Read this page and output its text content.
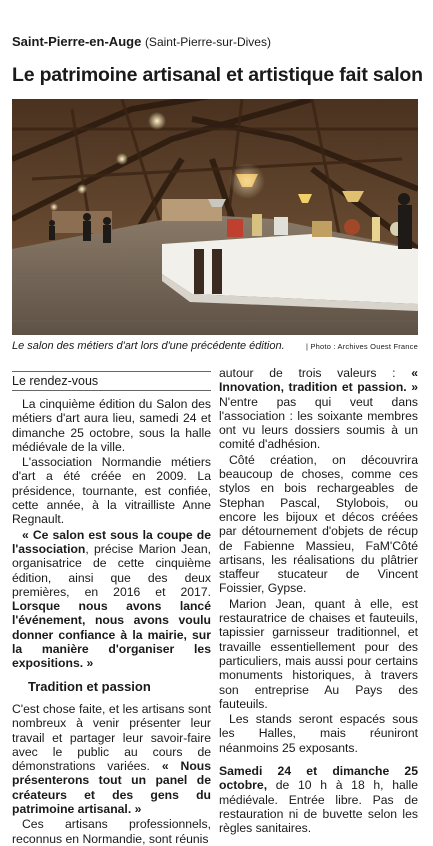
Saint-Pierre-en-Auge (Saint-Pierre-sur-Dives)
Le patrimoine artisanal et artistique fait salon
Le salon des métiers d'art lors d'une précédente édition.	| Photo : Archives Ouest France
Le rendez-vous

La cinquième édition du Salon des métiers d'art aura lieu, samedi 24 et dimanche 25 octobre, sous la halle médiévale de la ville.

L'association Normandie métiers d'art a été créée en 2009. La présidence, tournante, est confiée, cette année, à la vitrailliste Anne Regnault.

« Ce salon est sous la coupe de l'association, précise Marion Jean, organisatrice de cette cinquième édition, ainsi que des deux premières, en 2016 et 2017. Lorsque nous avons lancé l'événement, nous avons voulu donner confiance à la mairie, sur la manière d'organiser les expositions. »

Tradition et passion

C'est chose faite, et les artisans sont nombreux à venir présenter leur travail et partager leur savoir-faire avec le public au cours de démonstrations variées. « Nous présenterons tout un panel de créateurs et des gens du patrimoine artisanal. »

Ces artisans professionnels, reconnus en Normandie, sont réunis

autour de trois valeurs : « Innovation, tradition et passion. » N'entre pas qui veut dans l'association : les soixante membres ont vu leurs dossiers soumis à un comité d'adhésion.

Côté création, on découvrira beaucoup de choses, comme ces stylos en bois rechargeables de Stephan Pascal, Stylobois, ou encore les bijoux et décos créées par détournement d'objets de récup de Fabienne Massieu, FaM'Côté artisans, les réalisations du plâtrier staffeur stucateur de Vincent Foissier, Gypse.

Marion Jean, quant à elle, est restauratrice de chaises et fauteuils, tapissier garnisseur traditionnel, et travaille essentiellement pour des particuliers, mais aussi pour certains monuments historiques, à travers son entreprise Au Pays des fauteuils.

Les stands seront espacés sous les Halles, mais réuniront néanmoins 25 exposants.

Samedi 24 et dimanche 25 octobre, de 10 h à 18 h, halle médiévale. Entrée libre. Pas de restauration ni de buvette selon les règles sanitaires.
